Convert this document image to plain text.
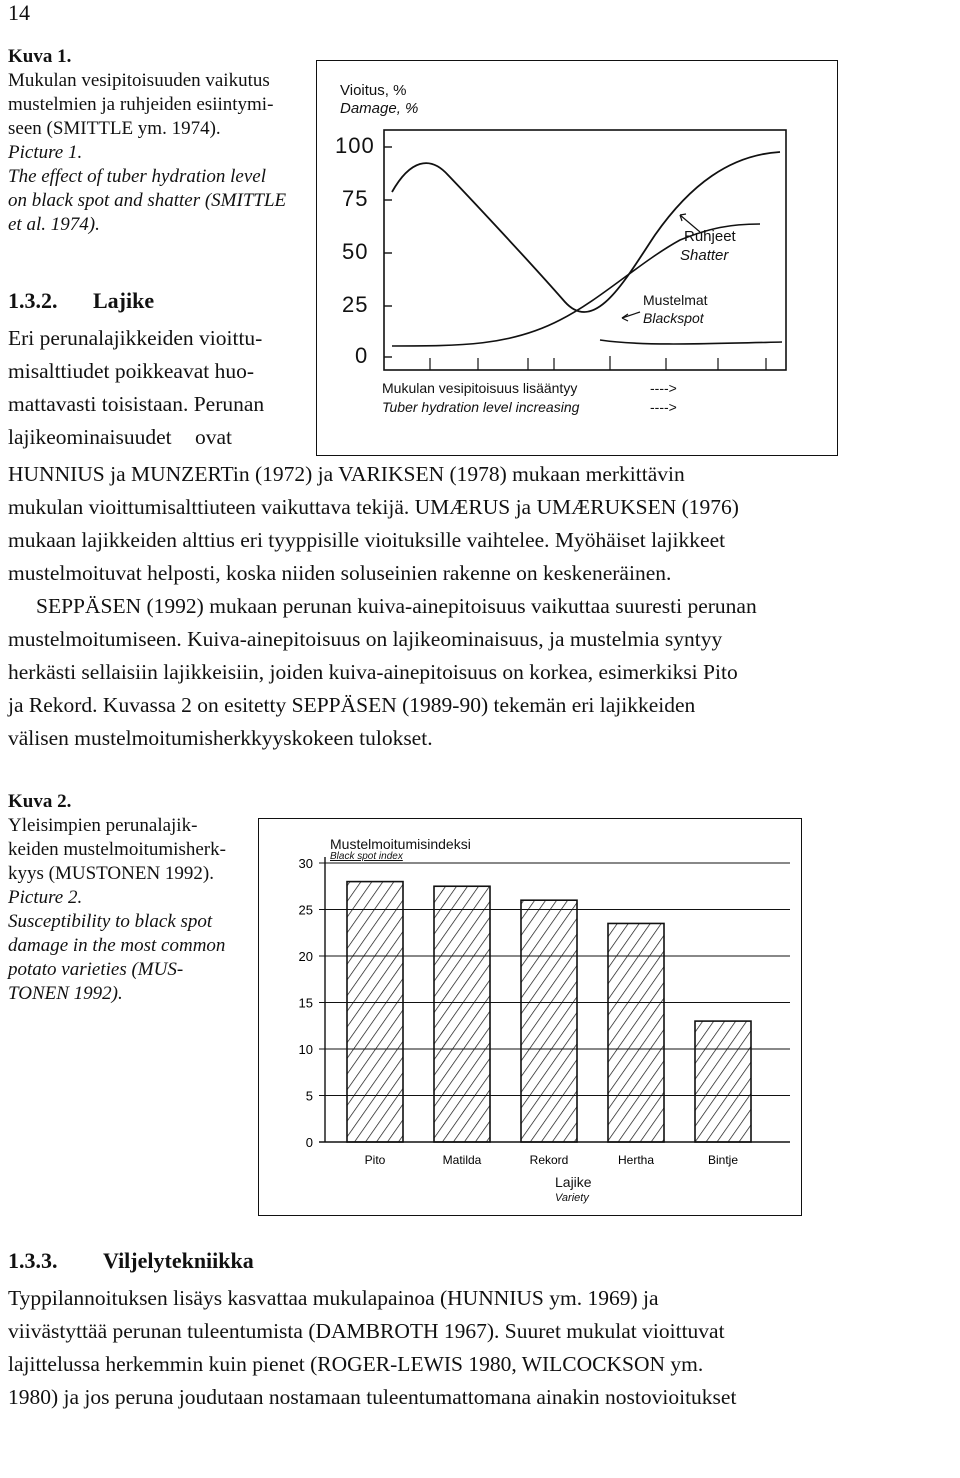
14
Kuva 1.
Mukulan vesipitoisuuden vaikutus
mustelmien ja ruhjeiden esiintymi-
seen (SMITTLE ym. 1974).
Picture 1.
The effect of tuber hydration level
on black spot and shatter (SMITTLE
et al. 1974).
Vioitus, %
Damage, %
100
75
50
25
0
Ruhjeet
Shatter
Mustelmat
Blackspot
Mukulan vesipitoisuus lisääntyy
Tuber hydration level increasing
---->
---->
1.3.2. Lajike
Eri perunalajikkeiden vioittu-
misalttiudet poikkeavat huo-
mattavasti toisistaan. Perunan
lajikeominaisuudet ovat
HUNNIUS ja MUNZERTin (1972) ja VARIKSEN (1978) mukaan merkittävin
mukulan vioittumisalttiuteen vaikuttava tekijä. UMÆRUS ja UMÆRUKSEN (1976)
mukaan lajikkeiden alttius eri tyyppisille vioituksille vaihtelee. Myöhäiset lajikkeet
mustelmoituvat helposti, koska niiden soluseinien rakenne on keskeneräinen.
SEPPÄSEN (1992) mukaan perunan kuiva-ainepitoisuus vaikuttaa suuresti perunan
mustelmoitumiseen. Kuiva-ainepitoisuus on lajikeominaisuus, ja mustelmia syntyy
herkästi sellaisiin lajikkeisiin, joiden kuiva-ainepitoisuus on korkea, esimerkiksi Pito
ja Rekord. Kuvassa 2 on esitetty SEPPÄSEN (1989-90) tekemän eri lajikkeiden
välisen mustelmoitumisherkkyyskokeen tulokset.
Kuva 2.
Yleisimpien perunalajik-
keiden mustelmoitumisherk-
kyys (MUSTONEN 1992).
Picture 2.
Susceptibility to black spot
damage in the most common
potato varieties (MUS-
TONEN 1992).
Mustelmoitumisindeksi
Black spot index
30
25
20
15
10
5
0
Pito	Matilda	Rekord	Hertha	Bintje
Lajike
Variety
1.3.3. Viljelytekniikka
Typpilannoituksen lisäys kasvattaa mukulapainoa (HUNNIUS ym. 1969) ja
viivästyttää perunan tuleentumista (DAMBROTH 1967). Suuret mukulat vioittuvat
lajittelussa herkemmin kuin pienet (ROGER-LEWIS 1980, WILCOCKSON ym.
1980) ja jos peruna joudutaan nostamaan tuleentumattomana ainakin nostovioitukset
